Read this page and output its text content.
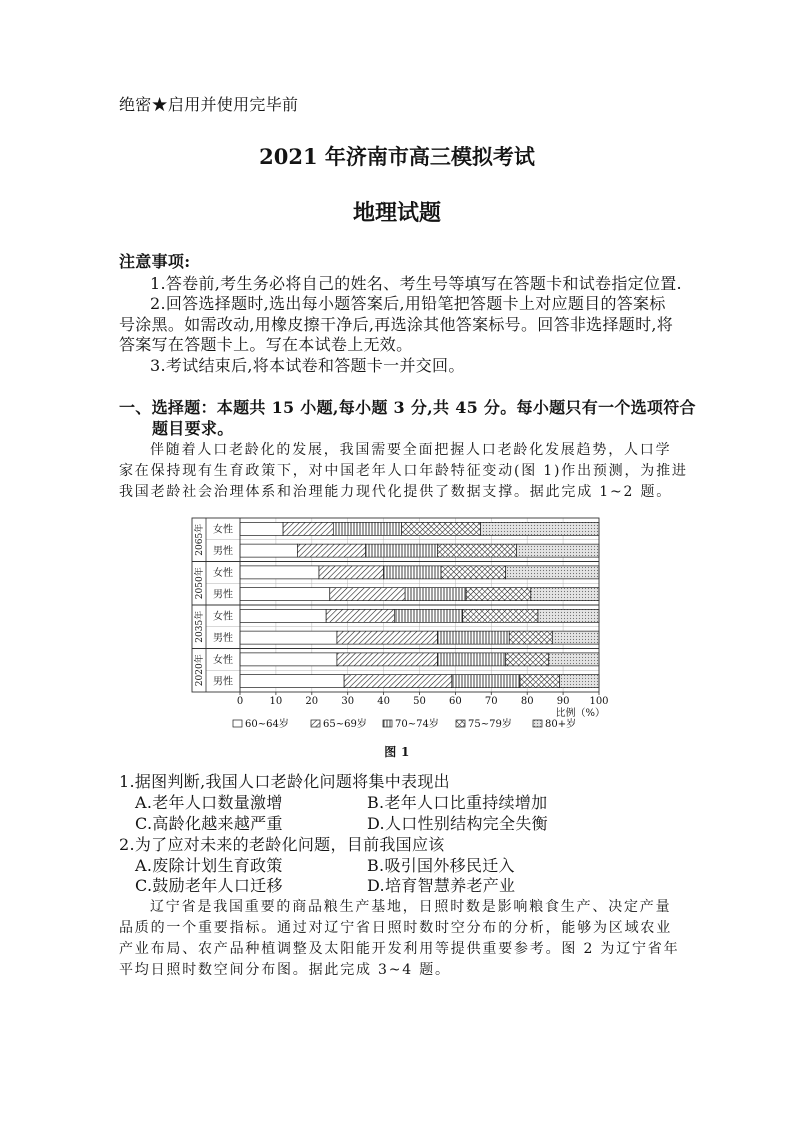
绝密★启用并使用完毕前
2021 年济南市高三模拟考试
地理试题
注意事项:
1.答卷前,考生务必将自己的姓名、考生号等填写在答题卡和试卷指定位置.
2.回答选择题时,选出每小题答案后,用铅笔把答题卡上对应题目的答案标
号涂黑。如需改动,用橡皮擦干净后,再选涂其他答案标号。回答非选择题时,将
答案写在答题卡上。写在本试卷上无效。
3.考试结束后,将本试卷和答题卡一并交回。
一、选择题：本题共 15 小题,每小题 3 分,共 45 分。每小题只有一个选项符合
题目要求。
伴随着人口老龄化的发展，我国需要全面把握人口老龄化发展趋势，人口学
家在保持现有生育政策下，对中国老年人口年龄特征变动(图 1)作出预测，为推进
我国老龄社会治理体系和治理能力现代化提供了数据支撑。据此完成 1~2 题。
女性
男性
女性
男性
女性
男性
女性
男性
2065年
2050年
2035年
2020年
0	10 20 30 40 50 60 70 80 90 100
比例（%）
60~64岁	65~69岁	70~74岁	75~79岁	80+岁
图 1
1.据图判断,我国人口老龄化问题将集中表现出
A.老年人口数量激增	B.老年人口比重持续增加
C.高龄化越来越严重	D.人口性别结构完全失衡
2.为了应对未来的老龄化问题，目前我国应该
A.废除计划生育政策	B.吸引国外移民迁入
C.鼓励老年人口迁移	D.培育智慧养老产业
辽宁省是我国重要的商品粮生产基地，日照时数是影响粮食生产、决定产量
品质的一个重要指标。通过对辽宁省日照时数时空分布的分析，能够为区域农业
产业布局、农产品种植调整及太阳能开发利用等提供重要参考。图 2 为辽宁省年
平均日照时数空间分布图。据此完成 3~4 题。
